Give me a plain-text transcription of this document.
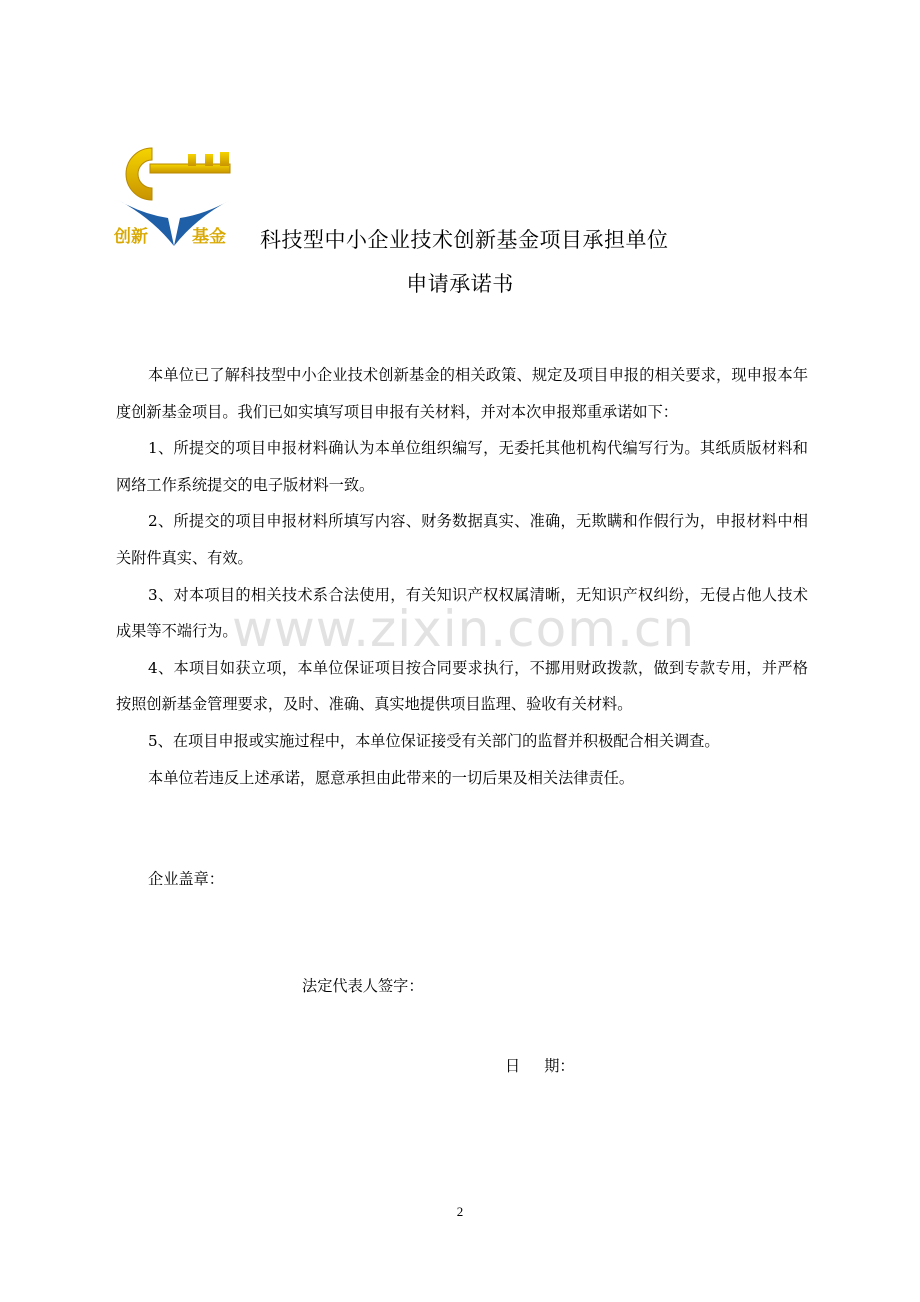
创新	基金 科技型中小企业技术创新基金项目承担单位
申请承诺书

本单位已了解科技型中小企业技术创新基金的相关政策、规定及项目申报的相关要求，现申报本年度创新基金项目。我们已如实填写项目申报有关材料，并对本次申报郑重承诺如下：

1、所提交的项目申报材料确认为本单位组织编写，无委托其他机构代编写行为。其纸质版材料和网络工作系统提交的电子版材料一致。

2、所提交的项目申报材料所填写内容、财务数据真实、准确，无欺瞒和作假行为，申报材料中相关附件真实、有效。

3、对本项目的相关技术系合法使用，有关知识产权权属清晰，无知识产权纠纷，无侵占他人技术成果等不端行为。

4、本项目如获立项，本单位保证项目按合同要求执行，不挪用财政拨款，做到专款专用，并严格按照创新基金管理要求，及时、准确、真实地提供项目监理、验收有关材料。

5、在项目申报或实施过程中，本单位保证接受有关部门的监督并积极配合相关调查。

本单位若违反上述承诺，愿意承担由此带来的一切后果及相关法律责任。

www.zixin.com.cn
企业盖章：
法定代表人签字：
日 期：
2
